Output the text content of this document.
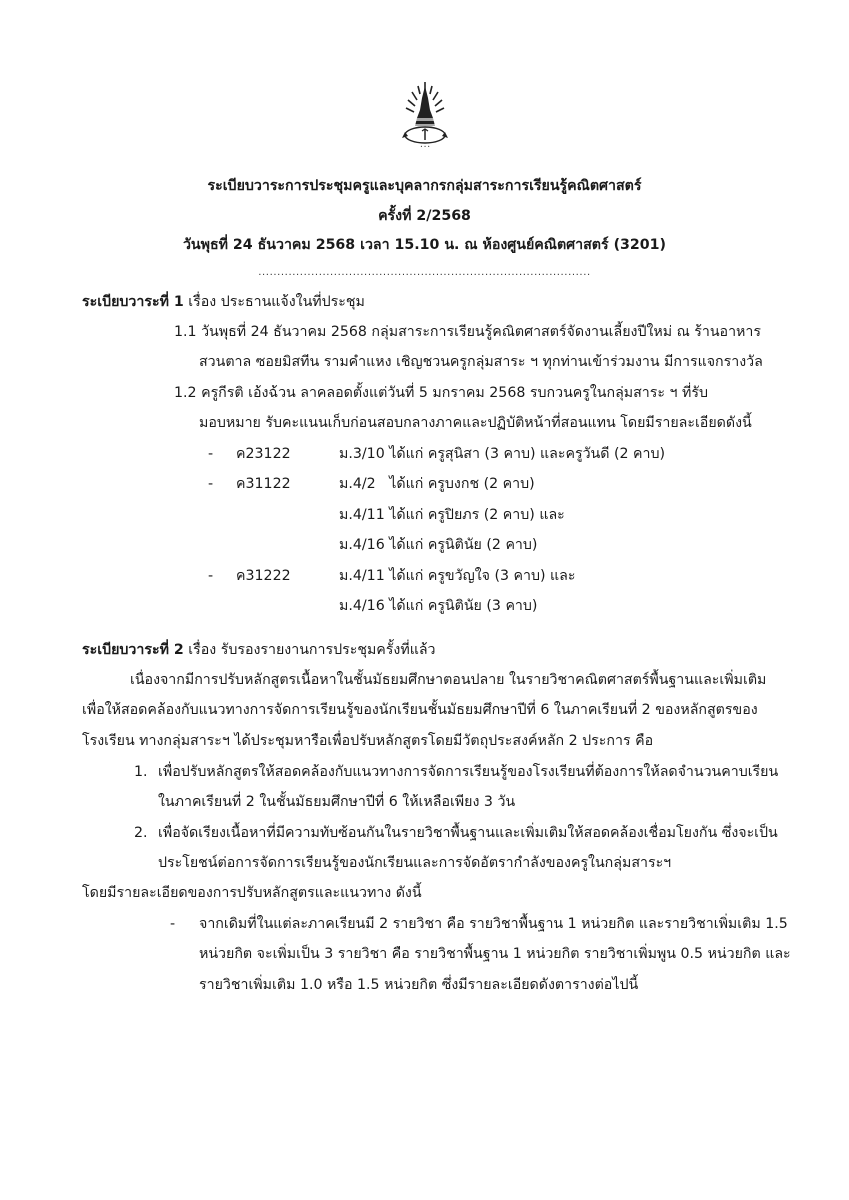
• • •
ระเบียบวาระการประชุมครูและบุคลากรกลุ่มสาระการเรียนรู้คณิตศาสตร์
ครั้งที่ 2/2568
วันพุธที่ 24 ธันวาคม 2568 เวลา 15.10 น. ณ ห้องศูนย์คณิตศาสตร์ (3201)
........................................................................................
ระเบียบวาระที่ 1 เรื่อง ประธานแจ้งในที่ประชุม
1.1 วันพุธที่ 24 ธันวาคม 2568 กลุ่มสาระการเรียนรู้คณิตศาสตร์จัดงานเลี้ยงปีใหม่ ณ ร้านอาหาร
สวนตาล ซอยมิสทีน รามคำแหง เชิญชวนครูกลุ่มสาระ ฯ ทุกท่านเข้าร่วมงาน มีการแจกรางวัล
1.2 ครูกีรติ เอ้งฉ้วน ลาคลอดตั้งแต่วันที่ 5 มกราคม 2568 รบกวนครูในกลุ่มสาระ ฯ ที่รับ
มอบหมาย รับคะแนนเก็บก่อนสอบกลางภาคและปฏิบัติหน้าที่สอนแทน โดยมีรายละเอียดดังนี้
- ค23122	ม.3/10 ได้แก่ ครูสุนิสา (3 คาบ) และครูวันดี (2 คาบ)
- ค31122	ม.4/2   ได้แก่ ครูบงกช (2 คาบ)
ม.4/11 ได้แก่ ครูปิยภร (2 คาบ) และ
ม.4/16 ได้แก่ ครูนิตินัย (2 คาบ)
- ค31222	ม.4/11 ได้แก่ ครูขวัญใจ (3 คาบ) และ
ม.4/16 ได้แก่ ครูนิตินัย (3 คาบ)
ระเบียบวาระที่ 2 เรื่อง รับรองรายงานการประชุมครั้งที่แล้ว
เนื่องจากมีการปรับหลักสูตรเนื้อหาในชั้นมัธยมศึกษาตอนปลาย ในรายวิชาคณิตศาสตร์พื้นฐานและเพิ่มเติม
เพื่อให้สอดคล้องกับแนวทางการจัดการเรียนรู้ของนักเรียนชั้นมัธยมศึกษาปีที่ 6 ในภาคเรียนที่ 2 ของหลักสูตรของ
โรงเรียน ทางกลุ่มสาระฯ ได้ประชุมหารือเพื่อปรับหลักสูตรโดยมีวัตถุประสงค์หลัก 2 ประการ คือ
1. เพื่อปรับหลักสูตรให้สอดคล้องกับแนวทางการจัดการเรียนรู้ของโรงเรียนที่ต้องการให้ลดจำนวนคาบเรียน
ในภาคเรียนที่ 2 ในชั้นมัธยมศึกษาปีที่ 6 ให้เหลือเพียง 3 วัน
2. เพื่อจัดเรียงเนื้อหาที่มีความทับซ้อนกันในรายวิชาพื้นฐานและเพิ่มเติมให้สอดคล้องเชื่อมโยงกัน ซึ่งจะเป็น
ประโยชน์ต่อการจัดการเรียนรู้ของนักเรียนและการจัดอัตรากำลังของครูในกลุ่มสาระฯ
โดยมีรายละเอียดของการปรับหลักสูตรและแนวทาง ดังนี้
- จากเดิมที่ในแต่ละภาคเรียนมี 2 รายวิชา คือ รายวิชาพื้นฐาน 1 หน่วยกิต และรายวิชาเพิ่มเติม 1.5
หน่วยกิต จะเพิ่มเป็น 3 รายวิชา คือ รายวิชาพื้นฐาน 1 หน่วยกิต รายวิชาเพิ่มพูน 0.5 หน่วยกิต และ
รายวิชาเพิ่มเติม 1.0 หรือ 1.5 หน่วยกิต ซึ่งมีรายละเอียดดังตารางต่อไปนี้
